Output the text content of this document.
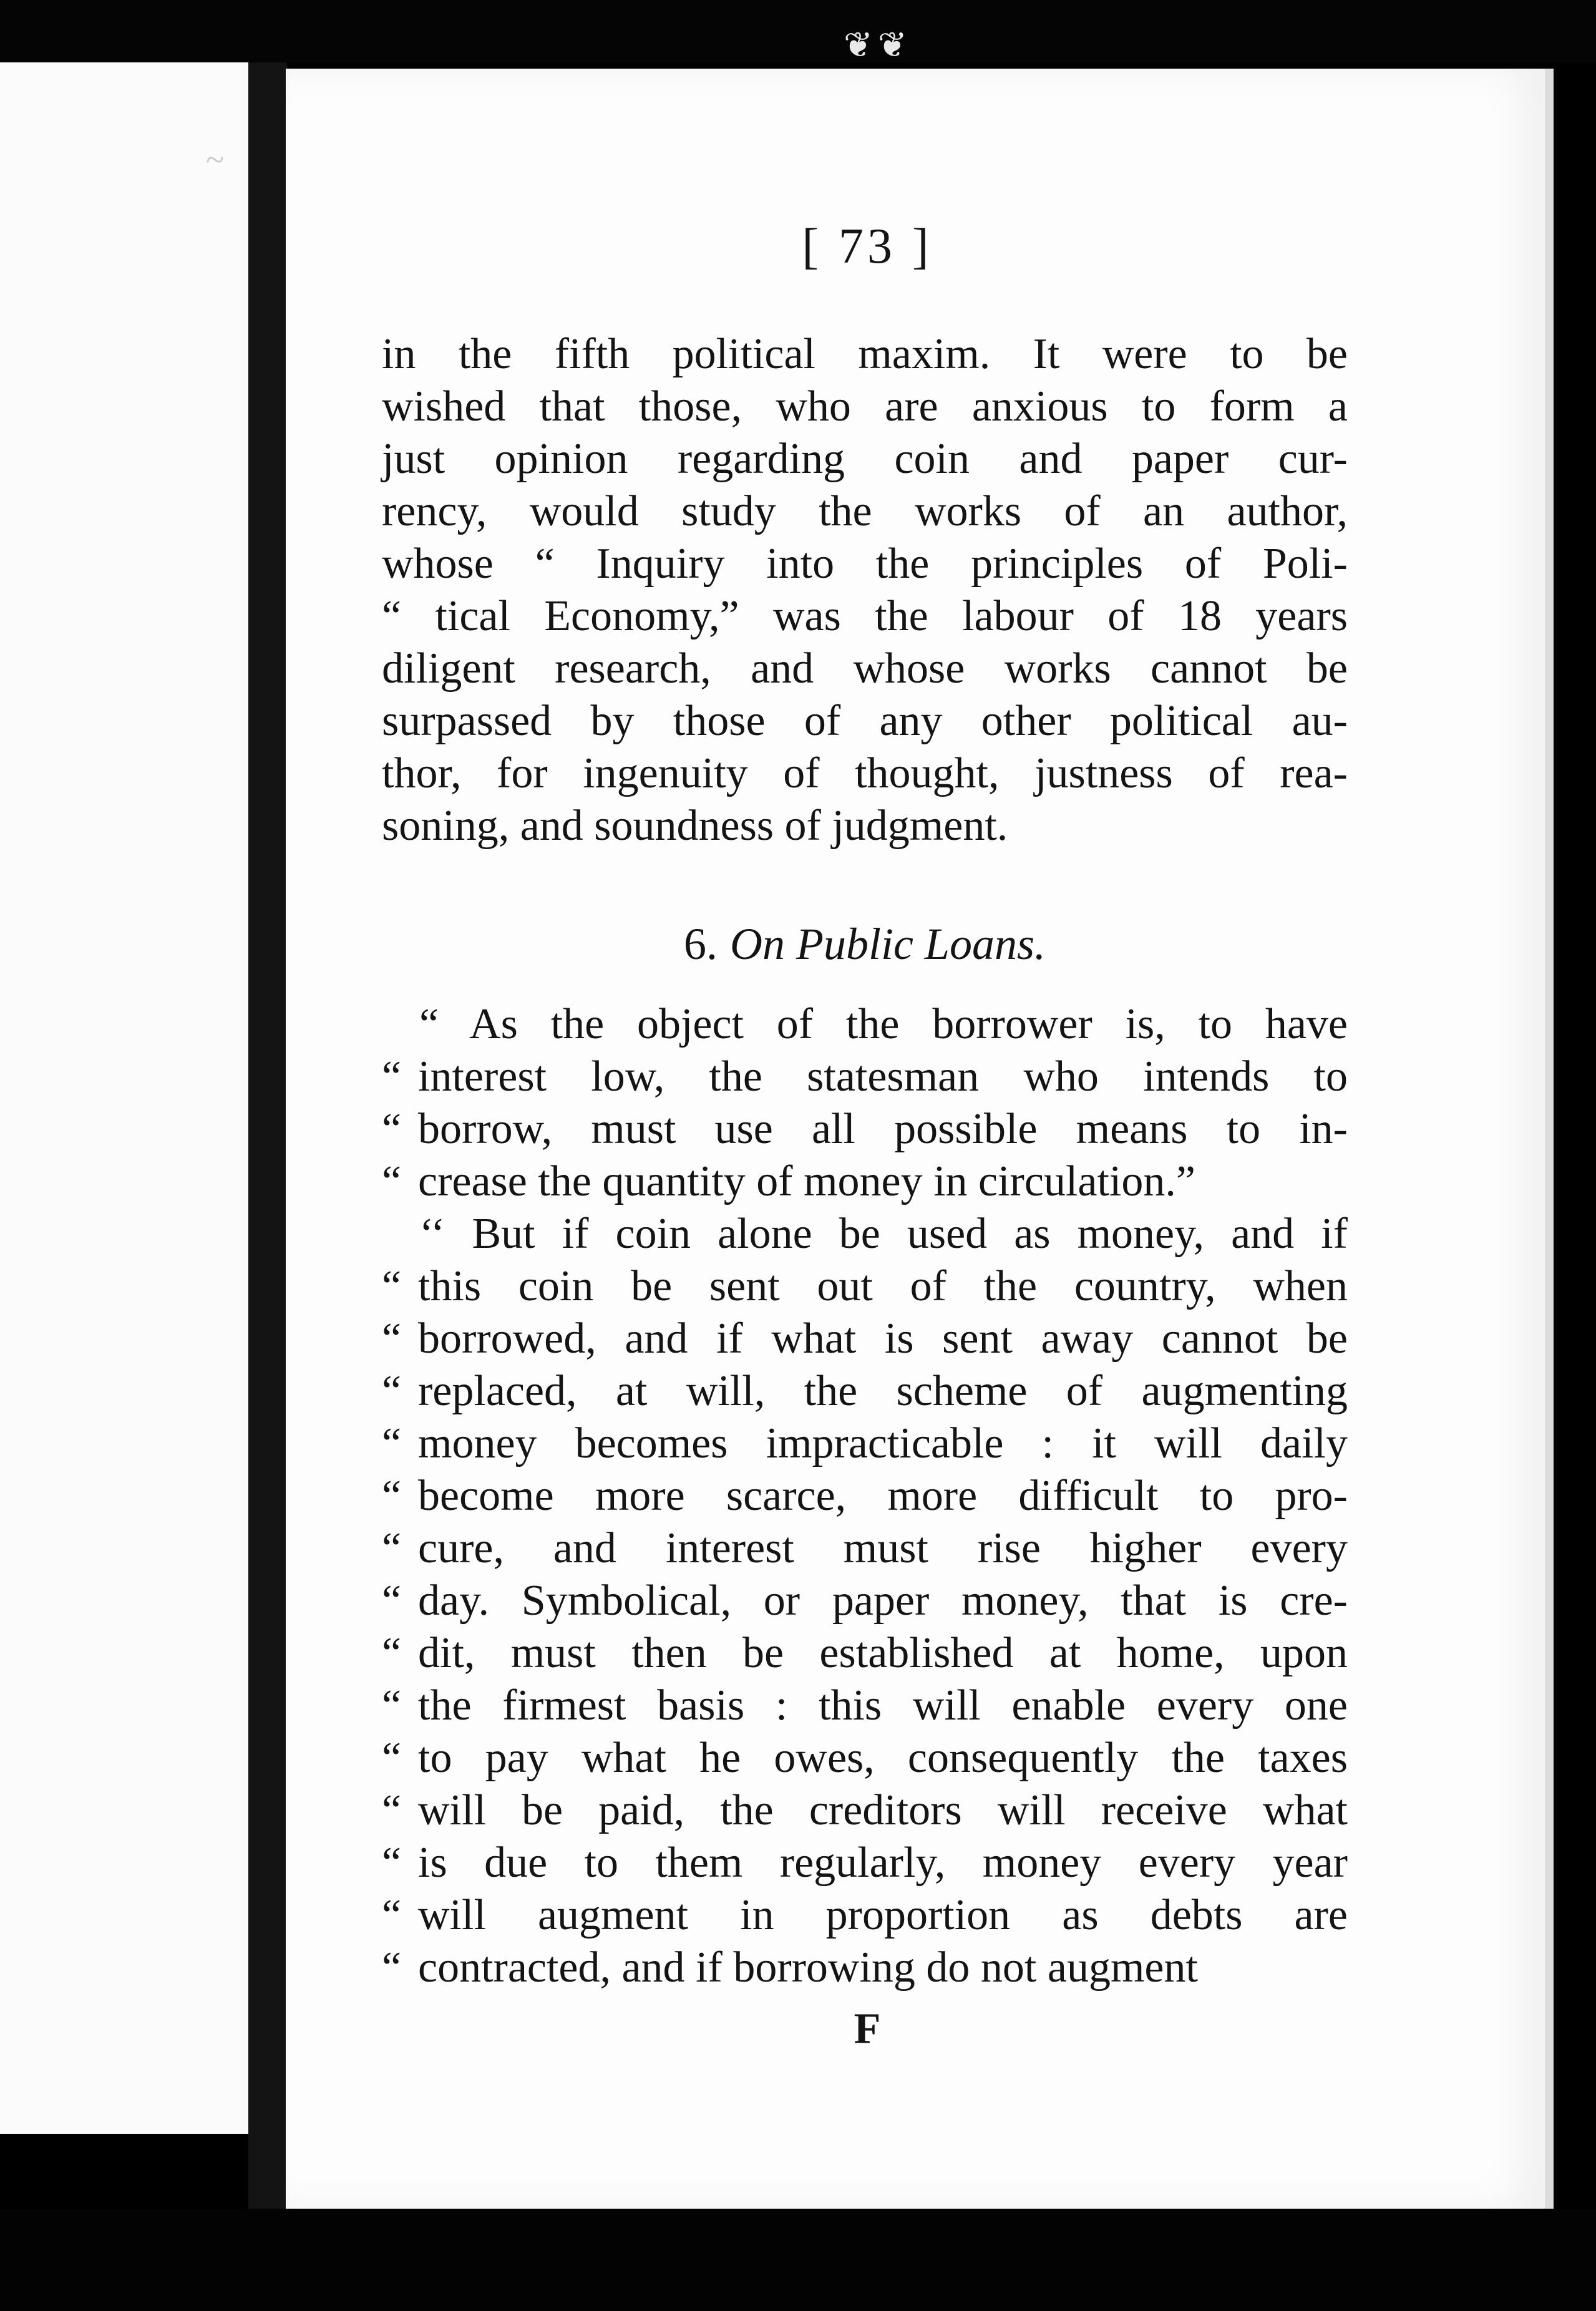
❦❦
~
[ 73 ]
in the fifth political maxim. It were to be
wished that those, who are anxious to form a
just opinion regarding coin and paper cur-
rency, would study the works of an author,
whose “ Inquiry into the principles of Poli-
“ tical Economy,” was the labour of 18 years
diligent research, and whose works cannot be
surpassed by those of any other political au-
thor, for ingenuity of thought, justness of rea-
soning, and soundness of judgment.
6. On Public Loans.
“ As the object of the borrower is, to have
“ interest low, the statesman who intends to
“ borrow, must use all possible means to in-
“ crease the quantity of money in circulation.”
‘‘ But if coin alone be used as money, and if
“ this coin be sent out of the country, when
“ borrowed, and if what is sent away cannot be
“ replaced, at will, the scheme of augmenting
“ money becomes impracticable : it will daily
“ become more scarce, more difficult to pro-
“ cure, and interest must rise higher every
“ day. Symbolical, or paper money, that is cre-
“ dit, must then be established at home, upon
“ the firmest basis : this will enable every one
“ to pay what he owes, consequently the taxes
“ will be paid, the creditors will receive what
“ is due to them regularly, money every year
“ will augment in proportion as debts are
“ contracted, and if borrowing do not augment
F
